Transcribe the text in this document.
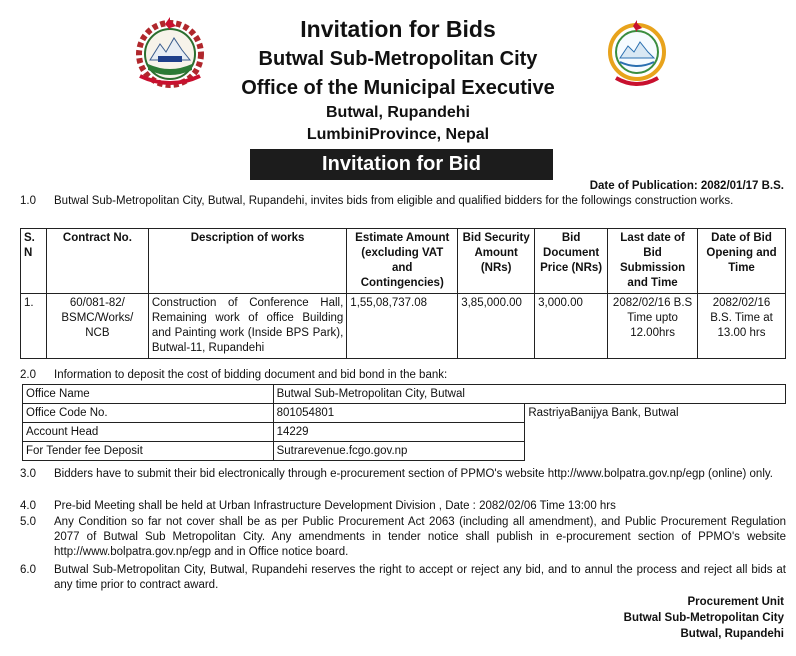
Invitation for Bids
Butwal Sub-Metropolitan City
Office of the Municipal Executive
Butwal, Rupandehi
LumbiniProvince, Nepal
Invitation for Bid
Date of Publication: 2082/01/17 B.S.
1.0	Butwal Sub-Metropolitan City, Butwal, Rupandehi, invites bids from eligible and qualified bidders for the followings construction works.
S. N	Contract No.	Description of works	Estimate Amount (excluding VAT and Contingencies)	Bid Security Amount (NRs)	Bid Document Price (NRs)	Last date of Bid Submission and Time	Date of Bid Opening and Time
1.	60/081-82/ BSMC/Works/ NCB	Construction of Conference Hall, Remaining work of office Building and Painting work (Inside BPS Park), Butwal-11, Rupandehi	1,55,08,737.08	3,85,000.00	3,000.00	2082/02/16 B.S Time upto 12.00hrs	2082/02/16 B.S. Time at 13.00 hrs
2.0	Information to deposit the cost of bidding document and bid bond in the bank:
Office Name	Butwal Sub-Metropolitan City, Butwal	
Office Code No.	801054801	RastriyaBanijya Bank, Butwal
Account Head	14229	
For Tender fee Deposit	Sutrarevenue.fcgo.gov.np	
3.0	Bidders have to submit their bid electronically through e-procurement section of PPMO's website http://www.bolpatra.gov.np/egp (online) only.
4.0	Pre-bid Meeting shall be held at Urban Infrastructure Development Division , Date : 2082/02/06 Time 13:00 hrs
5.0	Any Condition so far not cover shall be as per Public Procurement Act 2063 (including all amendment), and Public Procurement Regulation 2077 of Butwal Sub Metropolitan City. Any amendments in tender notice shall publish in e-procurement section of PPMO's website http://www.bolpatra.gov.np/egp and in Office notice board.
6.0	Butwal Sub-Metropolitan City, Butwal, Rupandehi reserves the right to accept or reject any bid, and to annul the process and reject all bids at any time prior to contract award.
Procurement Unit
Butwal Sub-Metropolitan City
Butwal, Rupandehi
